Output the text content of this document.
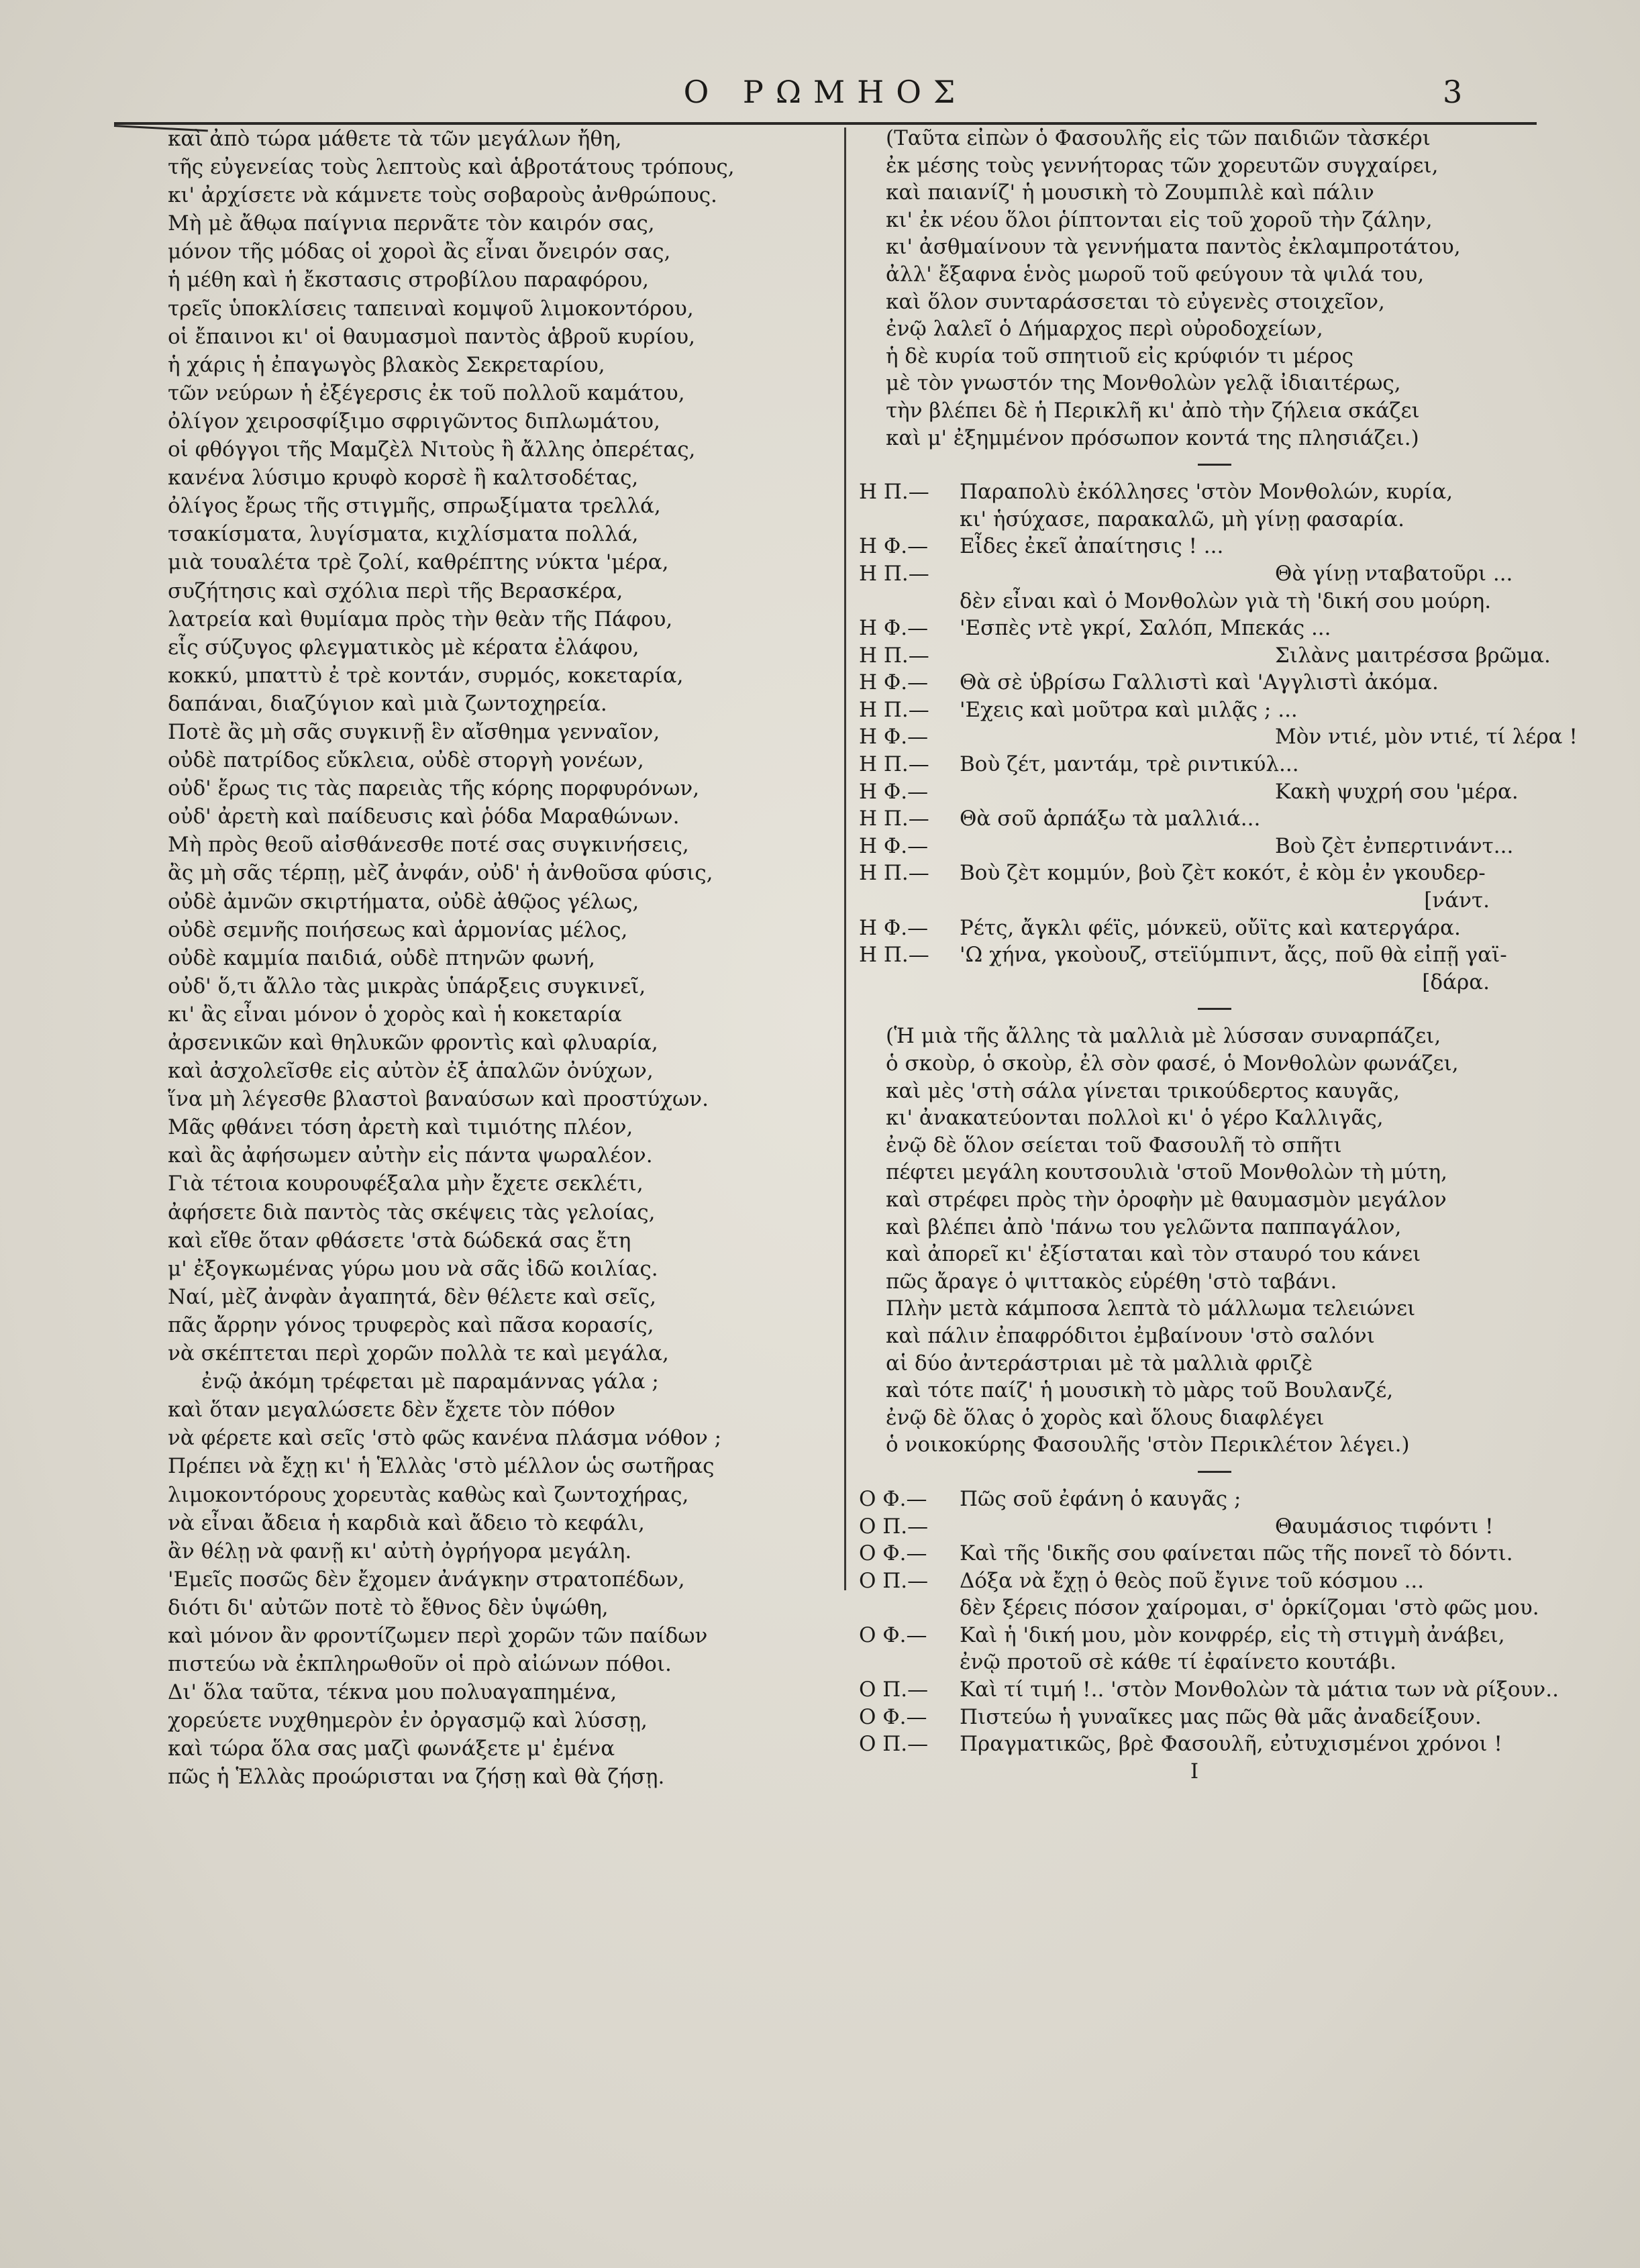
Ο ΡΩΜΗΟΣ	3
καὶ ἀπὸ τώρα μάθετε τὰ τῶν μεγάλων ἤθη,
τῆς εὐγενείας τοὺς λεπτοὺς καὶ ἁβροτάτους τρόπους,
κι' ἀρχίσετε νὰ κάμνετε τοὺς σοβαροὺς ἀνθρώπους.
Μὴ μὲ ἄθῳα παίγνια περνᾶτε τὸν καιρόν σας,
μόνον τῆς μόδας οἱ χοροὶ ἂς εἶναι ὄνειρόν σας,
ἡ μέθη καὶ ἡ ἔκστασις στροβίλου παραφόρου,
τρεῖς ὑποκλίσεις ταπειναὶ κομψοῦ λιμοκοντόρου,
οἱ ἔπαινοι κι' οἱ θαυμασμοὶ παντὸς ἁβροῦ κυρίου,
ἡ χάρις ἡ ἐπαγωγὸς βλακὸς Σεκρεταρίου,
τῶν νεύρων ἡ ἐξέγερσις ἐκ τοῦ πολλοῦ καμάτου,
ὀλίγον χειροσφίξιμο σφριγῶντος διπλωμάτου,
οἱ φθόγγοι τῆς Μαμζὲλ Νιτοὺς ἢ ἄλλης ὀπερέτας,
κανένα λύσιμο κρυφὸ κορσὲ ἢ καλτσοδέτας,
ὀλίγος ἔρως τῆς στιγμῆς, σπρωξίματα τρελλά,
τσακίσματα, λυγίσματα, κιχλίσματα πολλά,
μιὰ τουαλέτα τρὲ ζολί, καθρέπτης νύκτα 'μέρα,
συζήτησις καὶ σχόλια περὶ τῆς Βερασκέρα,
λατρεία καὶ θυμίαμα πρὸς τὴν θεὰν τῆς Πάφου,
εἷς σύζυγος φλεγματικὸς μὲ κέρατα ἐλάφου,
κοκκύ, μπαττὺ ἐ τρὲ κοντάν, συρμός, κοκεταρία,
δαπάναι, διαζύγιον καὶ μιὰ ζωντοχηρεία.
Ποτὲ ἂς μὴ σᾶς συγκινῇ ἓν αἴσθημα γενναῖον,
οὐδὲ πατρίδος εὔκλεια, οὐδὲ στοργὴ γονέων,
οὐδ' ἔρως τις τὰς παρειὰς τῆς κόρης πορφυρόνων,
οὐδ' ἀρετὴ καὶ παίδευσις καὶ ῥόδα Μαραθώνων.
Μὴ πρὸς θεοῦ αἰσθάνεσθε ποτέ σας συγκινήσεις,
ἂς μὴ σᾶς τέρπῃ, μὲζ ἀνφάν, οὐδ' ἡ ἀνθοῦσα φύσις,
οὐδὲ ἀμνῶν σκιρτήματα, οὐδὲ ἀθῷος γέλως,
οὐδὲ σεμνῆς ποιήσεως καὶ ἁρμονίας μέλος,
οὐδὲ καμμία παιδιά, οὐδὲ πτηνῶν φωνή,
οὐδ' ὅ,τι ἄλλο τὰς μικρὰς ὑπάρξεις συγκινεῖ,
κι' ἂς εἶναι μόνον ὁ χορὸς καὶ ἡ κοκεταρία
ἀρσενικῶν καὶ θηλυκῶν φροντὶς καὶ φλυαρία,
καὶ ἀσχολεῖσθε εἰς αὐτὸν ἐξ ἁπαλῶν ὀνύχων,
ἵνα μὴ λέγεσθε βλαστοὶ βαναύσων καὶ προστύχων.
Μᾶς φθάνει τόση ἀρετὴ καὶ τιμιότης πλέον,
καὶ ἂς ἀφήσωμεν αὐτὴν εἰς πάντα ψωραλέον.
Γιὰ τέτοια κουρουφέξαλα μὴν ἔχετε σεκλέτι,
ἀφήσετε διὰ παντὸς τὰς σκέψεις τὰς γελοίας,
καὶ εἴθε ὅταν φθάσετε 'στὰ δώδεκά σας ἔτη
μ' ἐξογκωμένας γύρω μου νὰ σᾶς ἰδῶ κοιλίας.
Ναί, μὲζ ἀνφὰν ἀγαπητά, δὲν θέλετε καὶ σεῖς,
πᾶς ἄρρην γόνος τρυφερὸς καὶ πᾶσα κορασίς,
νὰ σκέπτεται περὶ χορῶν πολλὰ τε καὶ μεγάλα,
ἐνῷ ἀκόμη τρέφεται μὲ παραμάννας γάλα ;
καὶ ὅταν μεγαλώσετε δὲν ἔχετε τὸν πόθον
νὰ φέρετε καὶ σεῖς 'στὸ φῶς κανένα πλάσμα νόθον ;
Πρέπει νὰ ἔχῃ κι' ἡ Ἑλλὰς 'στὸ μέλλον ὡς σωτῆρας
λιμοκοντόρους χορευτὰς καθὼς καὶ ζωντοχήρας,
νὰ εἶναι ἄδεια ἡ καρδιὰ καὶ ἄδειο τὸ κεφάλι,
ἂν θέλῃ νὰ φανῇ κι' αὐτὴ ὀγρήγορα μεγάλη.
'Εμεῖς ποσῶς δὲν ἔχομεν ἀνάγκην στρατοπέδων,
διότι δι' αὐτῶν ποτὲ τὸ ἔθνος δὲν ὑψώθη,
καὶ μόνον ἂν φροντίζωμεν περὶ χορῶν τῶν παίδων
πιστεύω νὰ ἐκπληρωθοῦν οἱ πρὸ αἰώνων πόθοι.
Δι' ὅλα ταῦτα, τέκνα μου πολυαγαπημένα,
χορεύετε νυχθημερὸν ἐν ὀργασμῷ καὶ λύσσῃ,
καὶ τώρα ὅλα σας μαζὶ φωνάξετε μ' ἐμένα
πῶς ἡ Ἑλλὰς προώρισται να ζήσῃ καὶ θὰ ζήσῃ.
(Ταῦτα εἰπὼν ὁ Φασουλῆς εἰς τῶν παιδιῶν τὰσκέρι
ἐκ μέσης τοὺς γεννήτορας τῶν χορευτῶν συγχαίρει,
καὶ παιανίζ' ἡ μουσικὴ τὸ Ζουμπιλὲ καὶ πάλιν
κι' ἐκ νέου ὅλοι ῥίπτονται εἰς τοῦ χοροῦ τὴν ζάλην,
κι' ἀσθμαίνουν τὰ γεννήματα παντὸς ἐκλαμπροτάτου,
ἀλλ' ἔξαφνα ἑνὸς μωροῦ τοῦ φεύγουν τὰ ψιλά του,
καὶ ὅλον συνταράσσεται τὸ εὐγενὲς στοιχεῖον,
ἐνῷ λαλεῖ ὁ Δήμαρχος περὶ οὐροδοχείων,
ἡ δὲ κυρία τοῦ σπητιοῦ εἰς κρύφιόν τι μέρος
μὲ τὸν γνωστόν της Μονθολὼν γελᾷ ἰδιαιτέρως,
τὴν βλέπει δὲ ἡ Περικλῆ κι' ἀπὸ τὴν ζήλεια σκάζει
καὶ μ' ἐξημμένον πρόσωπον κοντά της πλησιάζει.)
Η Π.—	Παραπολὺ ἐκόλλησες 'στὸν Μονθολών, κυρία,
κι' ἡσύχασε, παρακαλῶ, μὴ γίνῃ φασαρία.
Η Φ.—	Εἶδες ἐκεῖ ἀπαίτησις ! ...
Η Π.—	Θὰ γίνῃ νταβατοῦρι ...
δὲν εἶναι καὶ ὁ Μονθολὼν γιὰ τὴ 'δική σου μούρη.
Η Φ.—	'Εσπὲς ντὲ γκρί, Σαλόπ, Μπεκάς ...
Η Π.—	Σιλὰνς μαιτρέσσα βρῶμα.
Η Φ.—	Θὰ σὲ ὑβρίσω Γαλλιστὶ καὶ 'Αγγλιστὶ ἀκόμα.
Η Π.—	'Εχεις καὶ μοῦτρα καὶ μιλᾷς ; ...
Η Φ.—	Μὸν ντιέ, μὸν ντιέ, τί λέρα !
Η Π.—	Βοὺ ζέτ, μαντάμ, τρὲ ριντικύλ...
Η Φ.—	Κακὴ ψυχρή σου 'μέρα.
Η Π.—	Θὰ σοῦ ἁρπάξω τὰ μαλλιά...
Η Φ.—	Βοὺ ζὲτ ἐνπερτινάντ...
Η Π.—	Βοὺ ζὲτ κομμύν, βοὺ ζὲτ κοκότ, ἐ κὸμ ἐν γκουδερ-
[νάντ.
Η Φ.—	Ρέτς, ἄγκλι φέϊς, μόνκεϋ, οὔϊτς καὶ κατεργάρα.
Η Π.—	'Ω χήνα, γκοὺουζ, στεϊύμπιντ, ἄςς, ποῦ θὰ εἰπῇ γαϊ-
[δάρα.
(Ἡ μιὰ τῆς ἄλλης τὰ μαλλιὰ μὲ λύσσαν συναρπάζει,
ὁ σκοὺρ, ὁ σκοὺρ, ἐλ σὸν φασέ, ὁ Μονθολὼν φωνάζει,
καὶ μὲς 'στὴ σάλα γίνεται τρικούδερτος καυγᾶς,
κι' ἀνακατεύονται πολλοὶ κι' ὁ γέρο Καλλιγᾶς,
ἐνῷ δὲ ὅλον σείεται τοῦ Φασουλῆ τὸ σπῆτι
πέφτει μεγάλη κουτσουλιὰ 'στοῦ Μονθολὼν τὴ μύτη,
καὶ στρέφει πρὸς τὴν ὀροφὴν μὲ θαυμασμὸν μεγάλον
καὶ βλέπει ἀπὸ 'πάνω του γελῶντα παππαγάλον,
καὶ ἀπορεῖ κι' ἐξίσταται καὶ τὸν σταυρό του κάνει
πῶς ἄραγε ὁ ψιττακὸς εὑρέθη 'στὸ ταβάνι.
Πλὴν μετὰ κάμποσα λεπτὰ τὸ μάλλωμα τελειώνει
καὶ πάλιν ἐπαφρόδιτοι ἐμβαίνουν 'στὸ σαλόνι
αἱ δύο ἀντεράστριαι μὲ τὰ μαλλιὰ φριζὲ
καὶ τότε παίζ' ἡ μουσικὴ τὸ μὰρς τοῦ Βουλανζέ,
ἐνῷ δὲ ὅλας ὁ χορὸς καὶ ὅλους διαφλέγει
ὁ νοικοκύρης Φασουλῆς 'στὸν Περικλέτον λέγει.)
Ο Φ.—	Πῶς σοῦ ἐφάνη ὁ καυγᾶς ;
Ο Π.—	Θαυμάσιος τιφόντι !
Ο Φ.—	Καὶ τῆς 'δικῆς σου φαίνεται πῶς τῆς πονεῖ τὸ δόντι.
Ο Π.—	Δόξα νὰ ἔχῃ ὁ θεὸς ποῦ ἔγινε τοῦ κόσμου ...
δὲν ξέρεις πόσον χαίρομαι, σ' ὁρκίζομαι 'στὸ φῶς μου.
Ο Φ.—	Καὶ ἡ 'δική μου, μὸν κονφρέρ, εἰς τὴ στιγμὴ ἀνάβει,
ἐνῷ προτοῦ σὲ κάθε τί ἐφαίνετο κουτάβι.
Ο Π.—	Καὶ τί τιμή !.. 'στὸν Μονθολὼν τὰ μάτια των νὰ ρίξουν..
Ο Φ.—	Πιστεύω ἡ γυναῖκες μας πῶς θὰ μᾶς ἀναδείξουν.
Ο Π.—	Πραγματικῶς, βρὲ Φασουλῆ, εὐτυχισμένοι χρόνοι !
Ι
